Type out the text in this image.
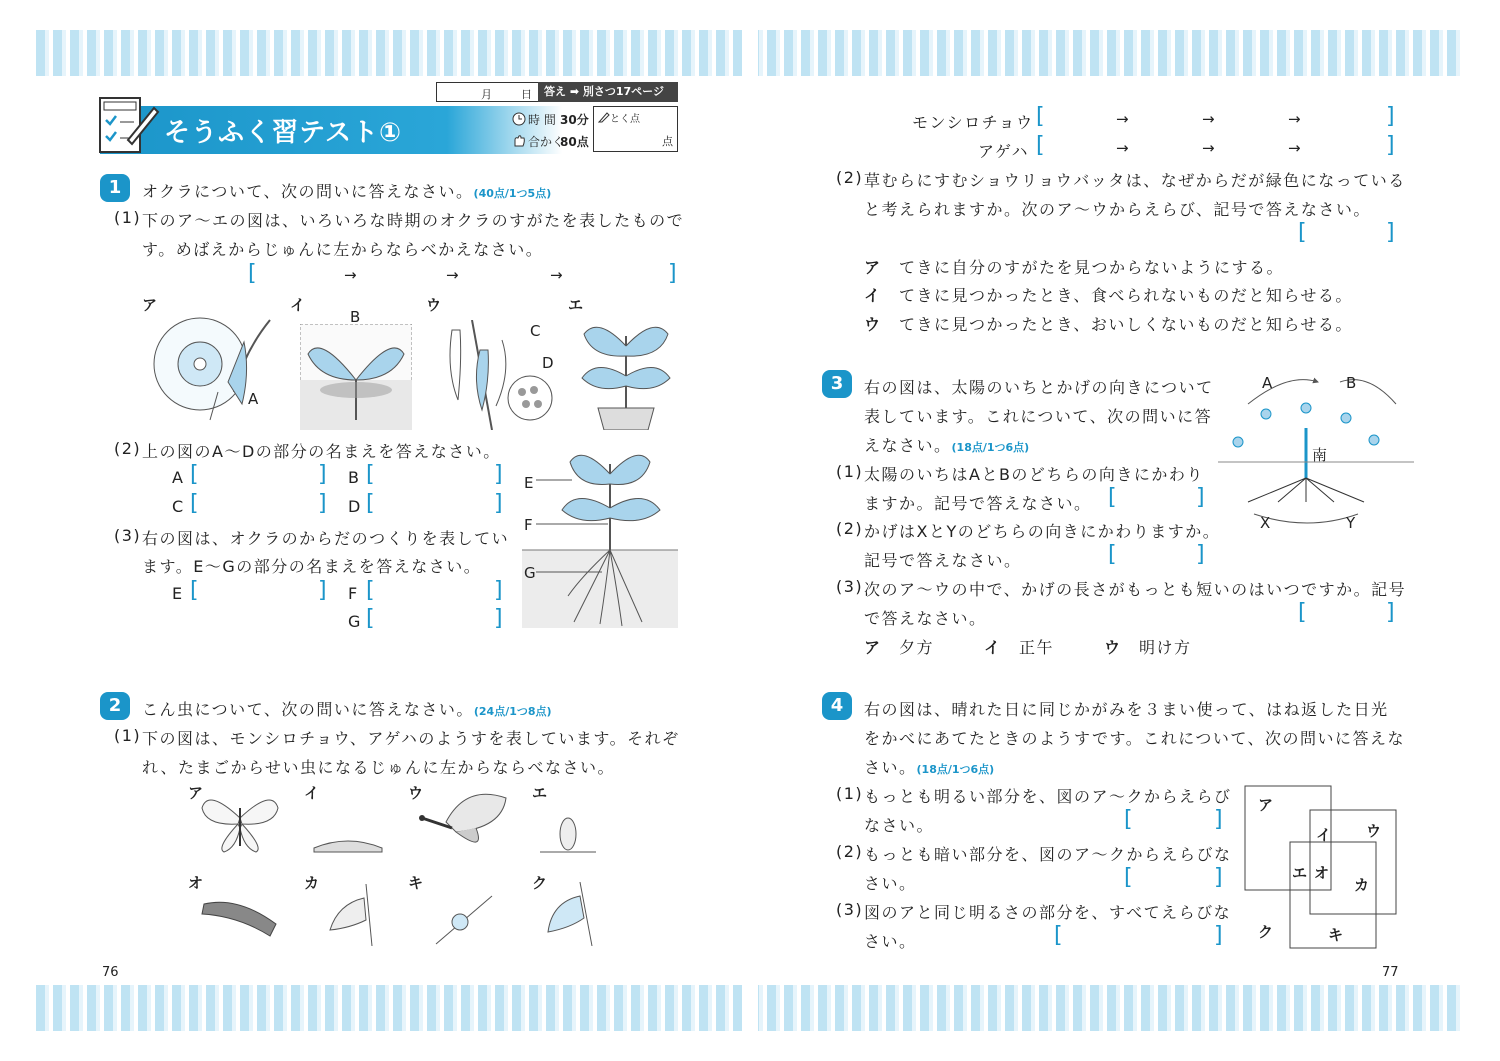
そうふく習テスト①
月	日	答え ➡ 別さつ17ページ
時 間 30分
合かく
80点
とく点
点
1	オクラについて、次の問いに答えなさい。(40点/1つ5点)
(1) 下のア～エの図は、いろいろな時期のオクラのすがたを表したもので
す。めばえからじゅんに左からならべかえなさい。
[	→	→	→	]
ア	イ	ウ	エ
A
B
C
D
(2) 上の図のA～Dの部分の名まえを答えなさい。
A [	] B [	]
C [	] D [	]
(3) 右の図は、オクラのからだのつくりを表してい
ます。E～Gの部分の名まえを答えなさい。
E [	] F [	]
G [	]
E
F
G
2	こん虫について、次の問いに答えなさい。(24点/1つ8点)
(1) 下の図は、モンシロチョウ、アゲハのようすを表しています。それぞ
れ、たまごからせい虫になるじゅんに左からならべなさい。
ア	イ	ウ	エ
オ	カ	キ	ク
76
モンシロチョウ [	→	→	→	]
アゲハ [	→	→	→	]
(2) 草むらにすむショウリョウバッタは、なぜからだが緑色になっている
と考えられますか。次のア～ウからえらび、記号で答えなさい。
[	]
ア　 てきに自分のすがたを見つからないようにする。
イ　 てきに見つかったとき、食べられないものだと知らせる。
ウ　 てきに見つかったとき、おいしくないものだと知らせる。
3	右の図は、太陽のいちとかげの向きについて
表しています。これについて、次の問いに答
えなさい。(18点/1つ6点)
(1) 太陽のいちはAとBのどちらの向きにかわり
ますか。記号で答えなさい。 [	]
(2) かげはXとYのどちらの向きにかわりますか。
記号で答えなさい。	[	]
(3) 次のア～ウの中で、かげの長さがもっとも短いのはいつですか。記号
で答えなさい。	[	]
ア　 夕方	イ　 正午	ウ　 明け方
A	B
南
X	Y
4	右の図は、晴れた日に同じかがみを３まい使って、はね返した日光
をかべにあてたときのようすです。これについて、次の問いに答えな
さい。(18点/1つ6点)
(1) もっとも明るい部分を、図のア～クからえらび
なさい。	[	]
(2) もっとも暗い部分を、図のア～クからえらびな
さい。	[	]
(3) 図のアと同じ明るさの部分を、すべてえらびな
さい。	[	]
ア
イ ウ
エ オ
カ
キ
ク
77
